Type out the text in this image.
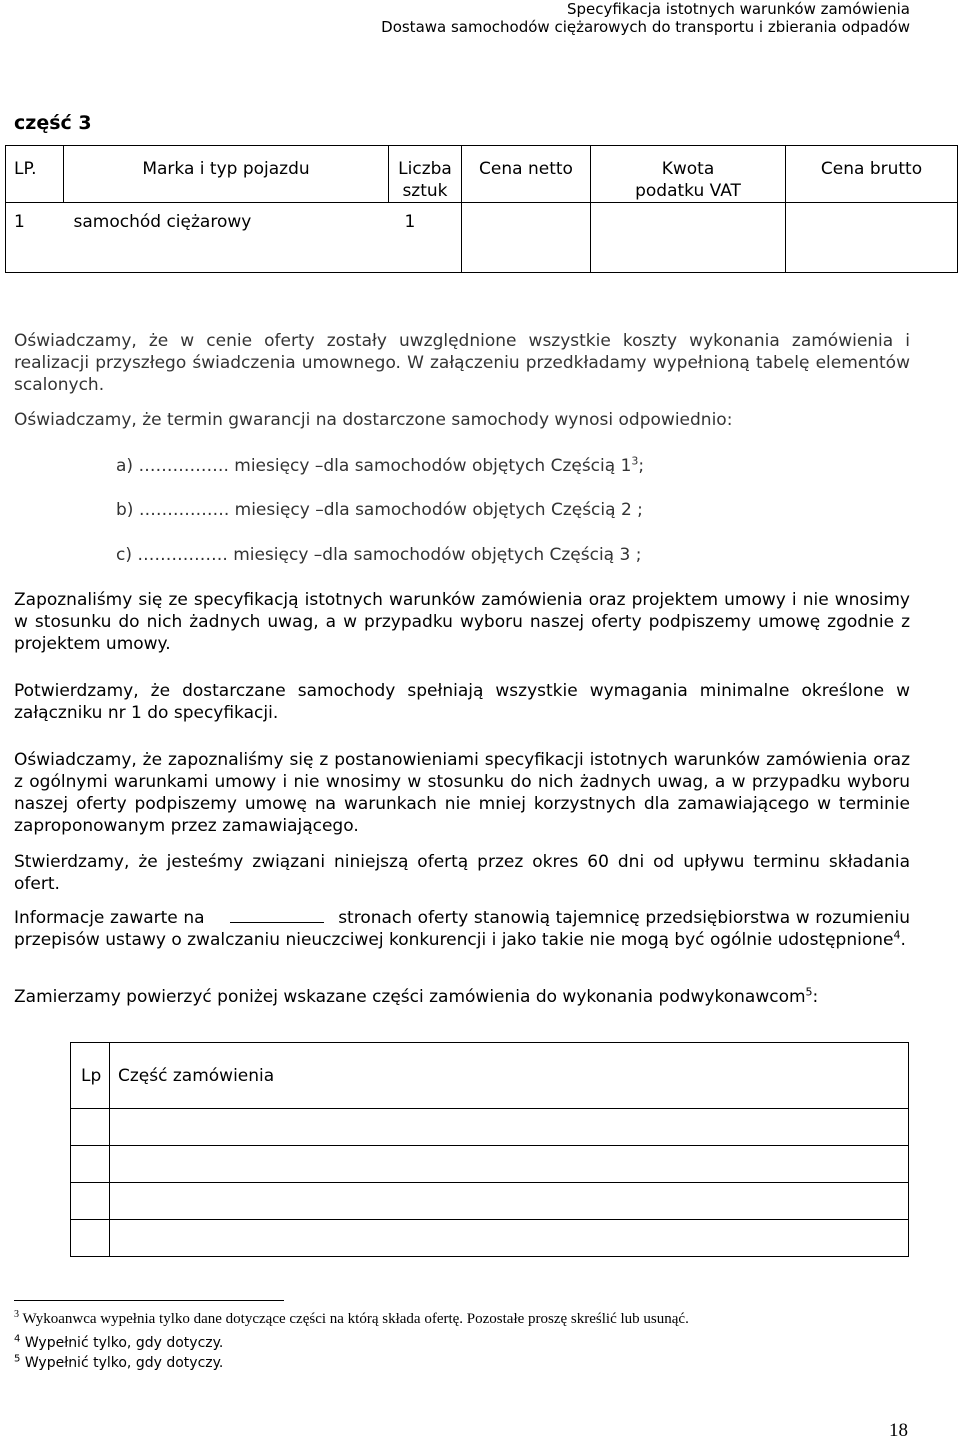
Specyfikacja istotnych warunków zamówienia
Dostawa samochodów ciężarowych do transportu i zbierania odpadów
część 3
LP.	Marka i typ pojazdu	Liczba sztuk	Cena netto	Kwota podatku VAT	Cena brutto

1	samochód ciężarowy	1			

Oświadczamy, że w cenie oferty zostały uwzględnione wszystkie koszty wykonania zamówienia i realizacji przyszłego świadczenia umownego. W załączeniu przedkładamy wypełnioną tabelę elementów scalonych.
Oświadczamy, że termin gwarancji na dostarczone samochody wynosi odpowiednio:
a) ……………. miesięcy –dla samochodów objętych Częścią $1^3$;
b) ……………. miesięcy –dla samochodów objętych Częścią 2 ;
c) ……………. miesięcy –dla samochodów objętych Częścią 3 ;
Zapoznaliśmy się ze specyfikacją istotnych warunków zamówienia oraz projektem umowy i nie wnosimy w stosunku do nich żadnych uwag, a w przypadku wyboru naszej oferty podpiszemy umowę zgodnie z projektem umowy.
Potwierdzamy, że dostarczane samochody spełniają wszystkie wymagania minimalne określone w załączniku nr 1 do specyfikacji.
Oświadczamy, że zapoznaliśmy się z postanowieniami specyfikacji istotnych warunków zamówienia oraz z ogólnymi warunkami umowy i nie wnosimy w stosunku do nich żadnych uwag, a w przypadku wyboru naszej oferty podpiszemy umowę na warunkach nie mniej korzystnych dla zamawiającego w terminie zaproponowanym przez zamawiającego.
Stwierdzamy, że jesteśmy związani niniejszą ofertą przez okres 60 dni od upływu terminu składania ofert.
Informacje zawarte na	stronach oferty stanowią tajemnicę przedsiębiorstwa w rozumieniu przepisów ustawy o zwalczaniu nieuczciwej konkurencji i jako takie nie mogą być ogólnie udostępnione$^4$.
Zamierzamy powierzyć poniżej wskazane części zamówienia do wykonania podwykonawcom$^5$:
Lp	Część zamówienia

$^3$ Wykoanwca wypełnia tylko dane dotyczące części na którą składa ofertę. Pozostałe proszę skreślić lub usunąć.
$^4$ Wypełnić tylko, gdy dotyczy.
$^5$ Wypełnić tylko, gdy dotyczy.
18
